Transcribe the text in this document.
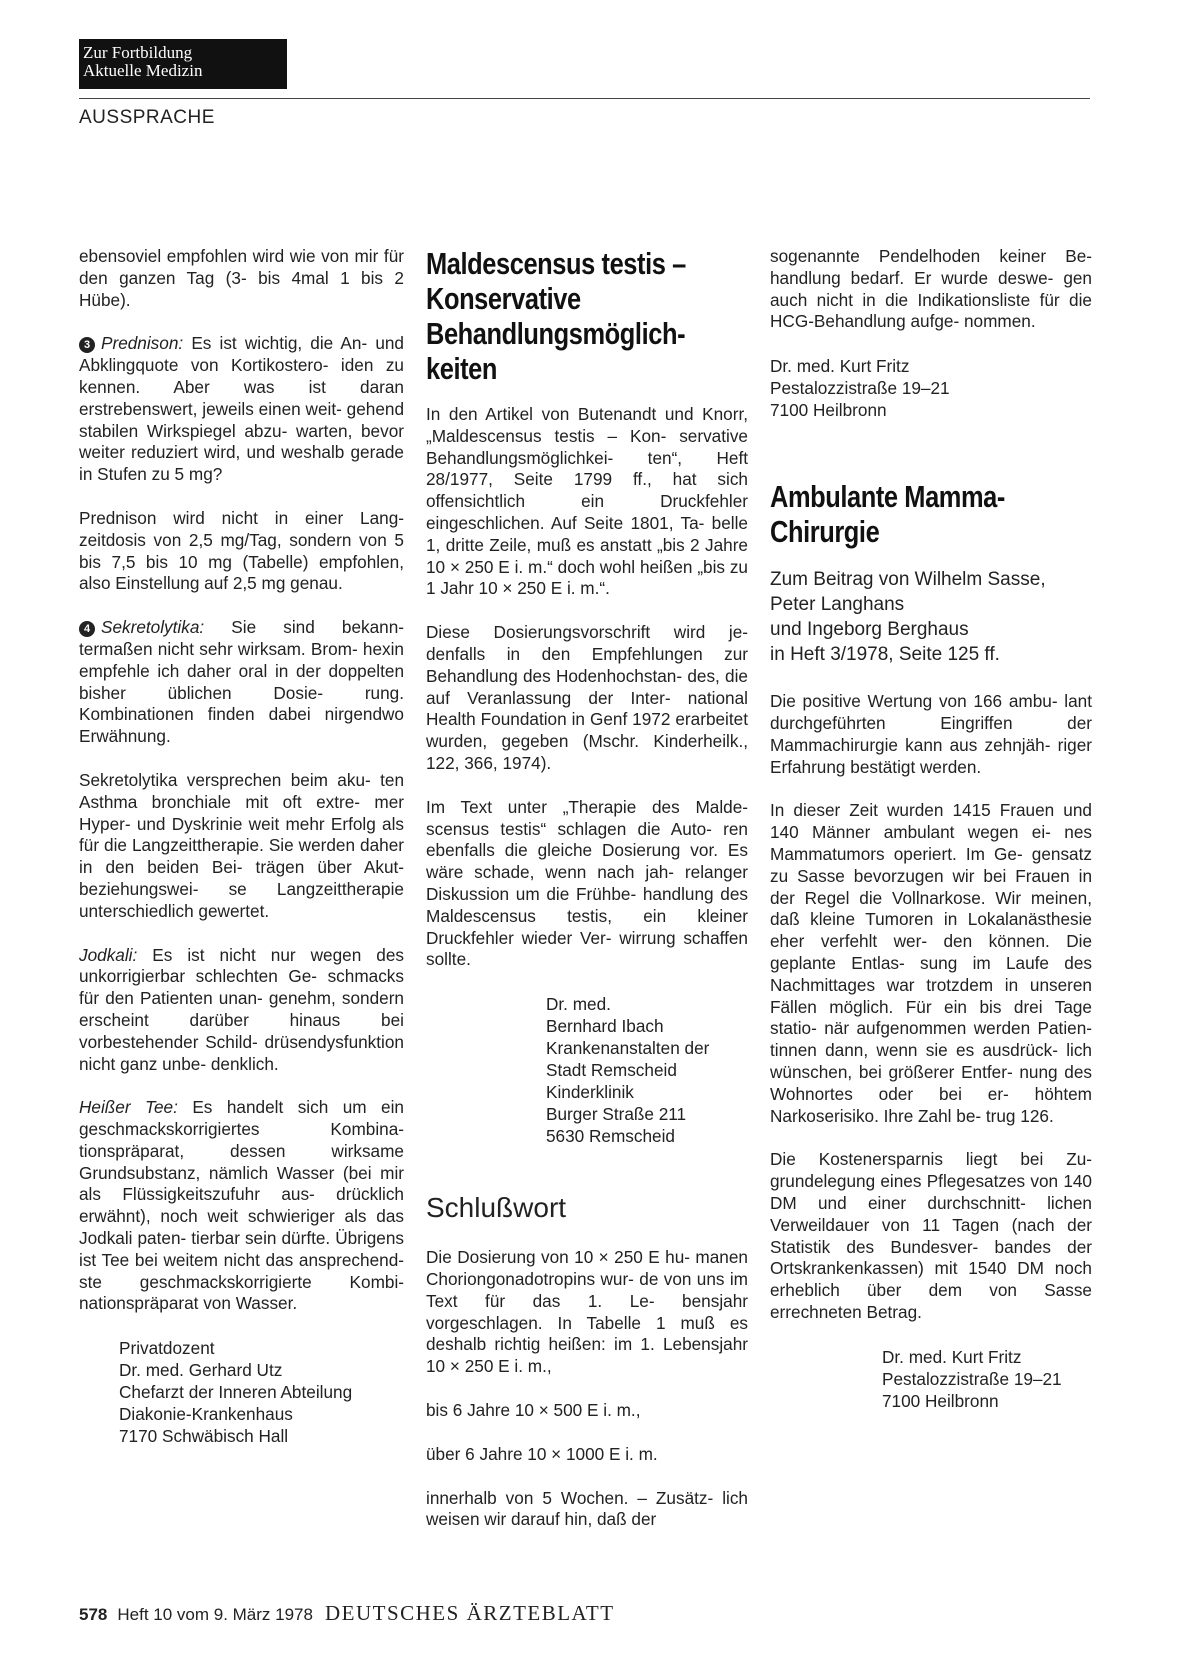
Zur Fortbildung
Aktuelle Medizin
AUSSPRACHE

ebensoviel empfohlen wird wie von mir für den ganzen Tag (3- bis 4mal 1 bis 2 Hübe).

3 Prednison: Es ist wichtig, die An- und Abklingquote von Kortikostero- iden zu kennen. Aber was ist daran erstrebenswert, jeweils einen weit- gehend stabilen Wirkspiegel abzu- warten, bevor weiter reduziert wird, und weshalb gerade in Stufen zu 5 mg?

Prednison wird nicht in einer Lang- zeitdosis von 2,5 mg/Tag, sondern von 5 bis 7,5 bis 10 mg (Tabelle) empfohlen, also Einstellung auf 2,5 mg genau.

4 Sekretolytika: Sie sind bekann- termaßen nicht sehr wirksam. Brom- hexin empfehle ich daher oral in der doppelten bisher üblichen Dosie- rung. Kombinationen finden dabei nirgendwo Erwähnung.

Sekretolytika versprechen beim aku- ten Asthma bronchiale mit oft extre- mer Hyper- und Dyskrinie weit mehr Erfolg als für die Langzeittherapie. Sie werden daher in den beiden Bei- trägen über Akut- beziehungswei- se Langzeittherapie unterschiedlich gewertet.

Jodkali: Es ist nicht nur wegen des unkorrigierbar schlechten Ge- schmacks für den Patienten unan- genehm, sondern erscheint darüber hinaus bei vorbestehender Schild- drüsendysfunktion nicht ganz unbe- denklich.

Heißer Tee: Es handelt sich um ein geschmackskorrigiertes Kombina- tionspräparat, dessen wirksame Grundsubstanz, nämlich Wasser (bei mir als Flüssigkeitszufuhr aus- drücklich erwähnt), noch weit schwieriger als das Jodkali paten- tierbar sein dürfte. Übrigens ist Tee bei weitem nicht das ansprechend- ste geschmackskorrigierte Kombi- nationspräparat von Wasser.

Privatdozent
Dr. med. Gerhard Utz
Chefarzt der Inneren Abteilung
Diakonie-Krankenhaus
7170 Schwäbisch Hall
Maldescensus testis – Konservative Behandlungsmöglich- keiten

In den Artikel von Butenandt und Knorr, „Maldescensus testis – Kon- servative Behandlungsmöglichkei- ten“, Heft 28/1977, Seite 1799 ff., hat sich offensichtlich ein Druckfehler eingeschlichen. Auf Seite 1801, Ta- belle 1, dritte Zeile, muß es anstatt „bis 2 Jahre 10 × 250 E i. m.“ doch wohl heißen „bis zu 1 Jahr 10 × 250 E i. m.“.

Diese Dosierungsvorschrift wird je- denfalls in den Empfehlungen zur Behandlung des Hodenhochstan- des, die auf Veranlassung der Inter- national Health Foundation in Genf 1972 erarbeitet wurden, gegeben (Mschr. Kinderheilk., 122, 366, 1974).

Im Text unter „Therapie des Malde- scensus testis“ schlagen die Auto- ren ebenfalls die gleiche Dosierung vor. Es wäre schade, wenn nach jah- relanger Diskussion um die Frühbe- handlung des Maldescensus testis, ein kleiner Druckfehler wieder Ver- wirrung schaffen sollte.

Dr. med.
Bernhard Ibach
Krankenanstalten der
Stadt Remscheid
Kinderklinik
Burger Straße 211
5630 Remscheid
Schlußwort

Die Dosierung von 10 × 250 E hu- manen Choriongonadotropins wur- de von uns im Text für das 1. Le- bensjahr vorgeschlagen. In Tabelle 1 muß es deshalb richtig heißen: im 1. Lebensjahr 10 × 250 E i. m.,

bis 6 Jahre 10 × 500 E i. m.,

über 6 Jahre 10 × 1000 E i. m.

innerhalb von 5 Wochen. – Zusätz- lich weisen wir darauf hin, daß der

sogenannte Pendelhoden keiner Be- handlung bedarf. Er wurde deswe- gen auch nicht in die Indikationsliste für die HCG-Behandlung aufge- nommen.

Dr. med. Kurt Fritz
Pestalozzistraße 19–21
7100 Heilbronn
Ambulante Mamma-Chirurgie
Zum Beitrag von Wilhelm Sasse,
Peter Langhans
und Ingeborg Berghaus
in Heft 3/1978, Seite 125 ff.

Die positive Wertung von 166 ambu- lant durchgeführten Eingriffen der Mammachirurgie kann aus zehnjäh- riger Erfahrung bestätigt werden.

In dieser Zeit wurden 1415 Frauen und 140 Männer ambulant wegen ei- nes Mammatumors operiert. Im Ge- gensatz zu Sasse bevorzugen wir bei Frauen in der Regel die Vollnarkose. Wir meinen, daß kleine Tumoren in Lokalanästhesie eher verfehlt wer- den können. Die geplante Entlas- sung im Laufe des Nachmittages war trotzdem in unseren Fällen möglich. Für ein bis drei Tage statio- när aufgenommen werden Patien- tinnen dann, wenn sie es ausdrück- lich wünschen, bei größerer Entfer- nung des Wohnortes oder bei er- höhtem Narkoserisiko. Ihre Zahl be- trug 126.

Die Kostenersparnis liegt bei Zu- grundelegung eines Pflegesatzes von 140 DM und einer durchschnitt- lichen Verweildauer von 11 Tagen (nach der Statistik des Bundesver- bandes der Ortskrankenkassen) mit 1540 DM noch erheblich über dem von Sasse errechneten Betrag.

Dr. med. Kurt Fritz
Pestalozzistraße 19–21
7100 Heilbronn
578 Heft 10 vom 9. März 1978 DEUTSCHES ÄRZTEBLATT
